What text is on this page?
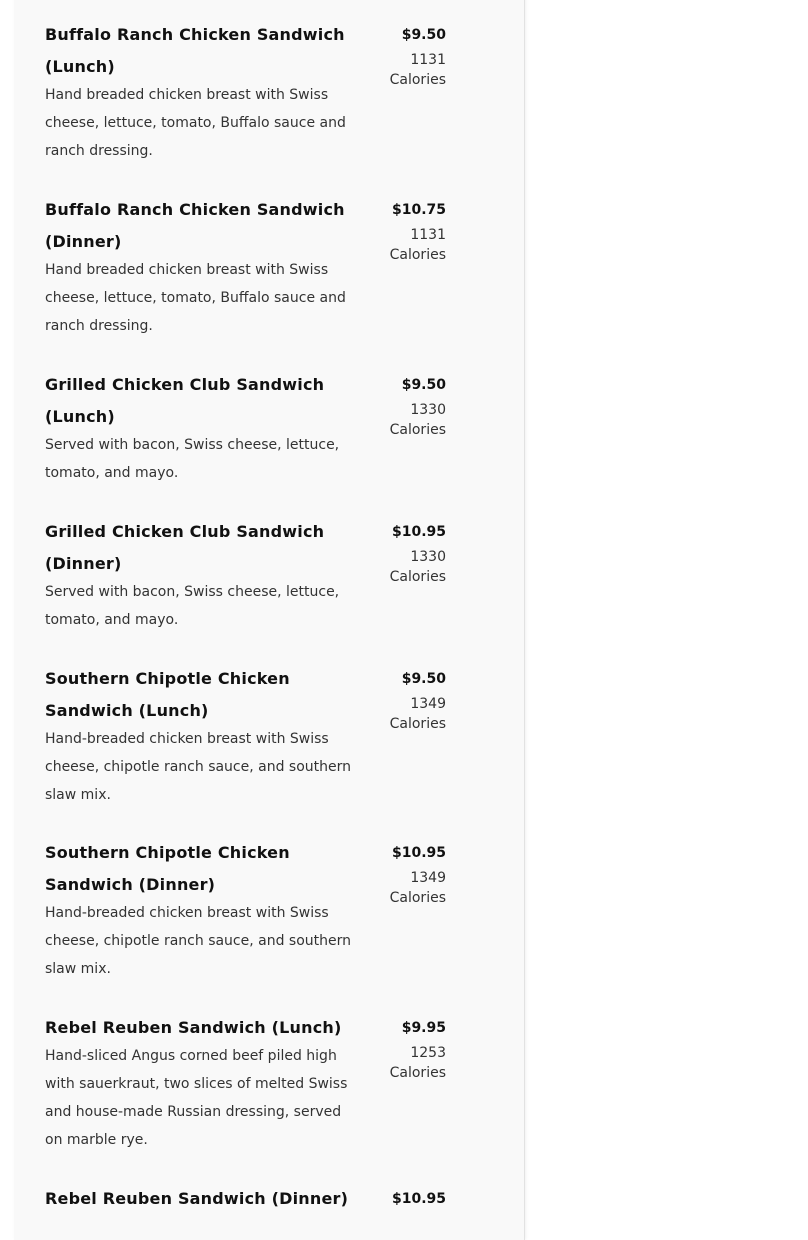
Buffalo Ranch Chicken Sandwich (Lunch)
Hand breaded chicken breast with Swiss cheese, lettuce, tomato, Buffalo sauce and ranch dressing.
$9.50
1131
Calories
Buffalo Ranch Chicken Sandwich (Dinner)
Hand breaded chicken breast with Swiss cheese, lettuce, tomato, Buffalo sauce and ranch dressing.
$10.75
1131
Calories
Grilled Chicken Club Sandwich (Lunch)
Served with bacon, Swiss cheese, lettuce, tomato, and mayo.
$9.50
1330
Calories
Grilled Chicken Club Sandwich (Dinner)
Served with bacon, Swiss cheese, lettuce, tomato, and mayo.
$10.95
1330
Calories
Southern Chipotle Chicken Sandwich (Lunch)
Hand-breaded chicken breast with Swiss cheese, chipotle ranch sauce, and southern slaw mix.
$9.50
1349
Calories
Southern Chipotle Chicken Sandwich (Dinner)
Hand-breaded chicken breast with Swiss cheese, chipotle ranch sauce, and southern slaw mix.
$10.95
1349
Calories
Rebel Reuben Sandwich (Lunch)
Hand-sliced Angus corned beef piled high with sauerkraut, two slices of melted Swiss and house-made Russian dressing, served on marble rye.
$9.95
1253
Calories
Rebel Reuben Sandwich (Dinner)	$10.95
